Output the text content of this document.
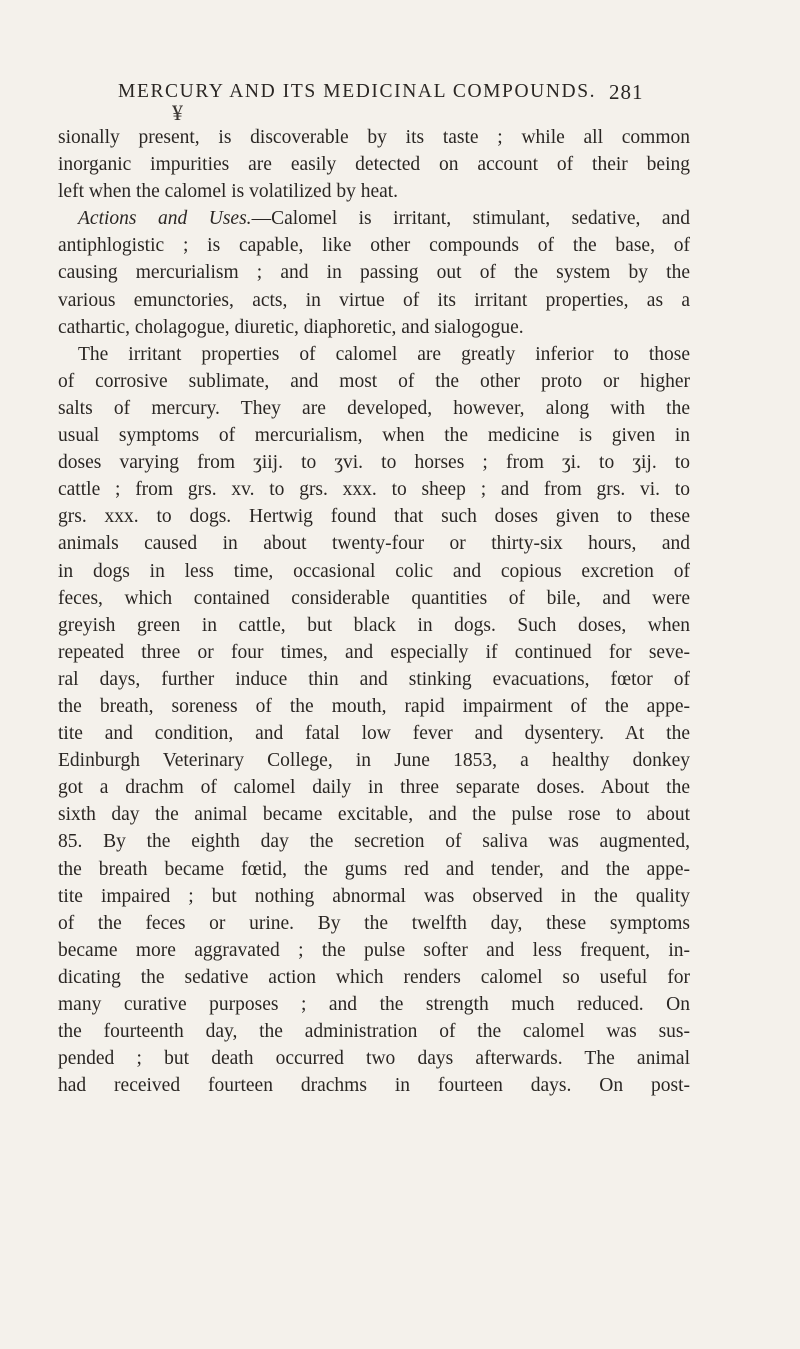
MERCURY AND ITS MEDICINAL COMPOUNDS. 281
¥
sionally present, is discoverable by its taste ; while all common
inorganic impurities are easily detected on account of their being
left when the calomel is volatilized by heat.
Actions and Uses.—Calomel is irritant, stimulant, sedative, and
antiphlogistic ; is capable, like other compounds of the base, of
causing mercurialism ; and in passing out of the system by the
various emunctories, acts, in virtue of its irritant properties, as a
cathartic, cholagogue, diuretic, diaphoretic, and sialogogue.
The irritant properties of calomel are greatly inferior to those
of corrosive sublimate, and most of the other proto or higher
salts of mercury. They are developed, however, along with the
usual symptoms of mercurialism, when the medicine is given in
doses varying from ʒiij. to ʒvi. to horses ; from ʒi. to ʒij. to
cattle ; from grs. xv. to grs. xxx. to sheep ; and from grs. vi. to
grs. xxx. to dogs. Hertwig found that such doses given to these
animals caused in about twenty-four or thirty-six hours, and
in dogs in less time, occasional colic and copious excretion of
feces, which contained considerable quantities of bile, and were
greyish green in cattle, but black in dogs. Such doses, when
repeated three or four times, and especially if continued for seve-
ral days, further induce thin and stinking evacuations, fœtor of
the breath, soreness of the mouth, rapid impairment of the appe-
tite and condition, and fatal low fever and dysentery. At the
Edinburgh Veterinary College, in June 1853, a healthy donkey
got a drachm of calomel daily in three separate doses. About the
sixth day the animal became excitable, and the pulse rose to about
85. By the eighth day the secretion of saliva was augmented,
the breath became fœtid, the gums red and tender, and the appe-
tite impaired ; but nothing abnormal was observed in the quality
of the feces or urine. By the twelfth day, these symptoms
became more aggravated ; the pulse softer and less frequent, in-
dicating the sedative action which renders calomel so useful for
many curative purposes ; and the strength much reduced. On
the fourteenth day, the administration of the calomel was sus-
pended ; but death occurred two days afterwards. The animal
had received fourteen drachms in fourteen days. On post-
